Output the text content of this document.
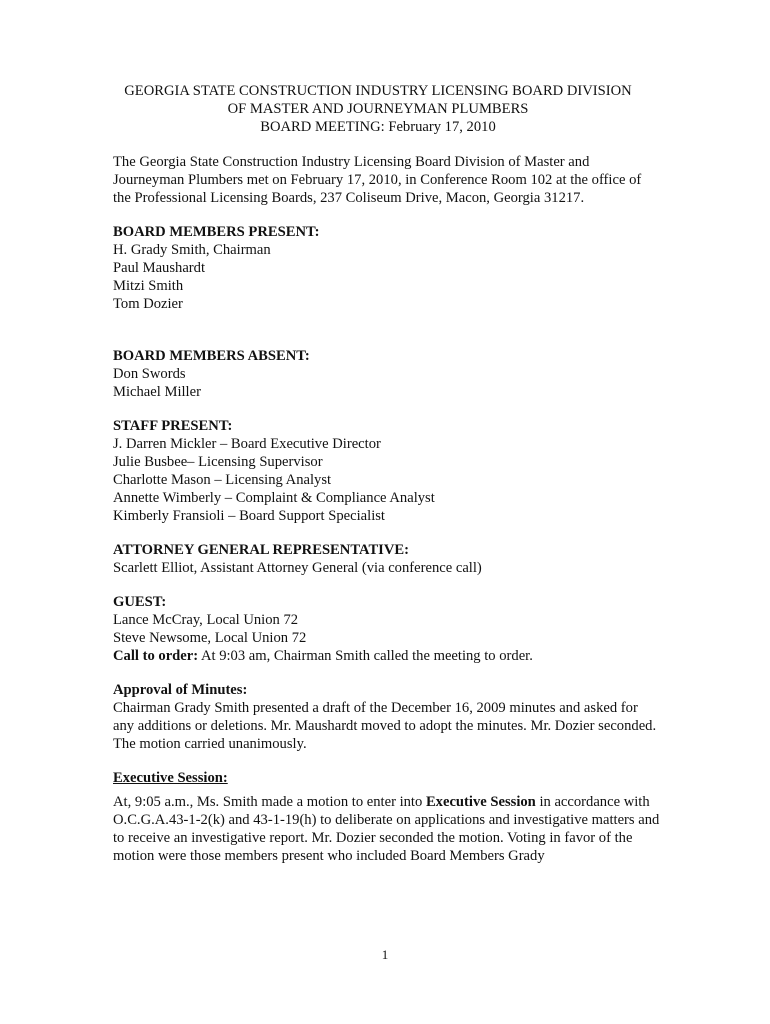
GEORGIA STATE CONSTRUCTION INDUSTRY LICENSING BOARD DIVISION
OF MASTER AND JOURNEYMAN PLUMBERS
BOARD MEETING: February 17, 2010

The Georgia State Construction Industry Licensing Board Division of Master and Journeyman Plumbers met on February 17, 2010, in Conference Room 102 at the office of the Professional Licensing Boards, 237 Coliseum Drive, Macon, Georgia 31217.

BOARD MEMBERS PRESENT:
H. Grady Smith, Chairman
Paul Maushardt
Mitzi Smith
Tom Dozier
BOARD MEMBERS ABSENT:
Don Swords
Michael Miller
STAFF PRESENT:
J. Darren Mickler – Board Executive Director
Julie Busbee– Licensing Supervisor
Charlotte Mason – Licensing Analyst
Annette Wimberly – Complaint & Compliance Analyst
Kimberly Fransioli – Board Support Specialist
ATTORNEY GENERAL REPRESENTATIVE:
Scarlett Elliot, Assistant Attorney General (via conference call)
GUEST:
Lance McCray, Local Union 72
Steve Newsome, Local Union 72

Call to order: At 9:03 am, Chairman Smith called the meeting to order.

Approval of Minutes:

Chairman Grady Smith presented a draft of the December 16, 2009 minutes and asked for any additions or deletions. Mr. Maushardt moved to adopt the minutes. Mr. Dozier seconded. The motion carried unanimously.

Executive Session:

At, 9:05 a.m., Ms. Smith made a motion to enter into Executive Session in accordance with O.C.G.A.43-1-2(k) and 43-1-19(h) to deliberate on applications and investigative matters and to receive an investigative report. Mr. Dozier seconded the motion. Voting in favor of the motion were those members present who included Board Members Grady

1
